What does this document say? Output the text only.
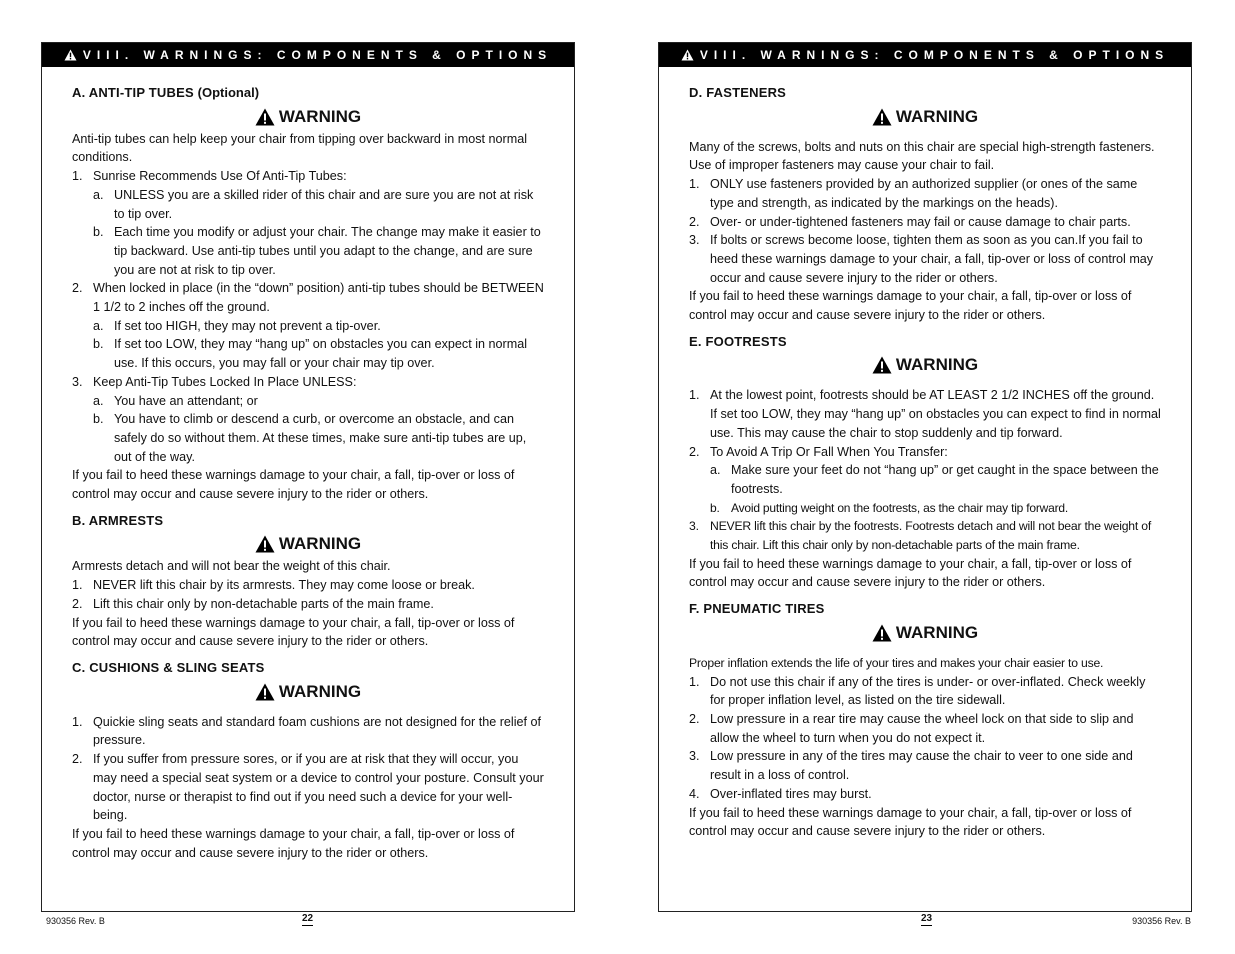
VIII. WARNINGS: COMPONENTS & OPTIONS
A. ANTI-TIP TUBES (Optional)
WARNING

Anti-tip tubes can help keep your chair from tipping over backward in most normal conditions.

1. Sunrise Recommends Use Of Anti-Tip Tubes:
a. UNLESS you are a skilled rider of this chair and are sure you are not at risk to tip over.
b. Each time you modify or adjust your chair. The change may make it easier to tip backward. Use anti-tip tubes until you adapt to the change, and are sure you are not at risk to tip over.
2. When locked in place (in the “down” position) anti-tip tubes should be BETWEEN 1 1/2 to 2 inches off the ground.
a. If set too HIGH, they may not prevent a tip-over.
b. If set too LOW, they may “hang up” on obstacles you can expect in normal use. If this occurs, you may fall or your chair may tip over.
3. Keep Anti-Tip Tubes Locked In Place UNLESS:
a. You have an attendant; or
b. You have to climb or descend a curb, or overcome an obstacle, and can safely do so without them. At these times, make sure anti-tip tubes are up, out of the way.

If you fail to heed these warnings damage to your chair, a fall, tip-over or loss of control may occur and cause severe injury to the rider or others.

B. ARMRESTS
WARNING

Armrests detach and will not bear the weight of this chair.

1. NEVER lift this chair by its armrests. They may come loose or break.
2. Lift this chair only by non-detachable parts of the main frame.

If you fail to heed these warnings damage to your chair, a fall, tip-over or loss of control may occur and cause severe injury to the rider or others.

C. CUSHIONS & SLING SEATS
WARNING
1. Quickie sling seats and standard foam cushions are not designed for the relief of pressure.
2. If you suffer from pressure sores, or if you are at risk that they will occur, you may need a special seat system or a device to control your posture. Consult your doctor, nurse or therapist to find out if you need such a device for your well-being.

If you fail to heed these warnings damage to your chair, a fall, tip-over or loss of control may occur and cause severe injury to the rider or others.

VIII. WARNINGS: COMPONENTS & OPTIONS
D. FASTENERS
WARNING

Many of the screws, bolts and nuts on this chair are special high-strength fasteners. Use of improper fasteners may cause your chair to fail.

1. ONLY use fasteners provided by an authorized supplier (or ones of the same type and strength, as indicated by the markings on the heads).
2. Over- or under-tightened fasteners may fail or cause damage to chair parts.
3. If bolts or screws become loose, tighten them as soon as you can.If you fail to heed these warnings damage to your chair, a fall, tip-over or loss of control may occur and cause severe injury to the rider or others.

If you fail to heed these warnings damage to your chair, a fall, tip-over or loss of control may occur and cause severe injury to the rider or others.

E. FOOTRESTS
WARNING
1. At the lowest point, footrests should be AT LEAST 2 1/2 INCHES off the ground. If set too LOW, they may “hang up” on obstacles you can expect to find in normal use. This may cause the chair to stop suddenly and tip forward.
2. To Avoid A Trip Or Fall When You Transfer:
a. Make sure your feet do not “hang up” or get caught in the space between the footrests.
b. Avoid putting weight on the footrests, as the chair may tip forward.
3. NEVER lift this chair by the footrests. Footrests detach and will not bear the weight of this chair. Lift this chair only by non-detachable parts of the main frame.

If you fail to heed these warnings damage to your chair, a fall, tip-over or loss of control may occur and cause severe injury to the rider or others.

F. PNEUMATIC TIRES
WARNING

Proper inflation extends the life of your tires and makes your chair easier to use.

1. Do not use this chair if any of the tires is under- or over-inflated. Check weekly for proper inflation level, as listed on the tire sidewall.
2. Low pressure in a rear tire may cause the wheel lock on that side to slip and allow the wheel to turn when you do not expect it.
3. Low pressure in any of the tires may cause the chair to veer to one side and result in a loss of control.
4. Over-inflated tires may burst.

If you fail to heed these warnings damage to your chair, a fall, tip-over or loss of control may occur and cause severe injury to the rider or others.

930356 Rev. B	22	23	930356 Rev. B
